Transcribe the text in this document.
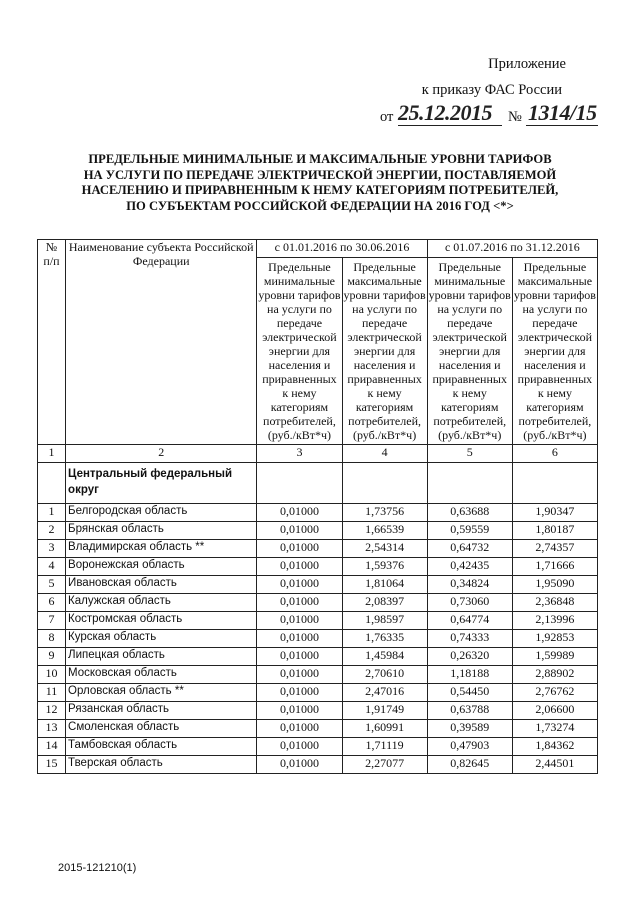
Приложение
к приказу ФАС России
от 25.12.2015 № 1314/15
ПРЕДЕЛЬНЫЕ МИНИМАЛЬНЫЕ И МАКСИМАЛЬНЫЕ УРОВНИ ТАРИФОВ
НА УСЛУГИ ПО ПЕРЕДАЧЕ ЭЛЕКТРИЧЕСКОЙ ЭНЕРГИИ, ПОСТАВЛЯЕМОЙ
НАСЕЛЕНИЮ И ПРИРАВНЕННЫМ К НЕМУ КАТЕГОРИЯМ ПОТРЕБИТЕЛЕЙ,
ПО СУБЪЕКТАМ РОССИЙСКОЙ ФЕДЕРАЦИИ НА 2016 ГОД <*>
№ п/п	Наименование субъекта Российской Федерации	с 01.01.2016 по 30.06.2016		с 01.07.2016 по 31.12.2016	
		Предельные минимальные уровни тарифов на услуги по передаче электрической энергии для населения и приравненных к нему категориям потребителей, (руб./кВт*ч)	Предельные максимальные уровни тарифов на услуги по передаче электрической энергии для населения и приравненных к нему категориям потребителей, (руб./кВт*ч)	Предельные минимальные уровни тарифов на услуги по передаче электрической энергии для населения и приравненных к нему категориям потребителей, (руб./кВт*ч)	Предельные максимальные уровни тарифов на услуги по передаче электрической энергии для населения и приравненных к нему категориям потребителей, (руб./кВт*ч)
1	2	3	4	5	6
	Центральный федеральный округ				
1	Белгородская область	0,01000	1,73756	0,63688	1,90347
2	Брянская область	0,01000	1,66539	0,59559	1,80187
3	Владимирская область **	0,01000	2,54314	0,64732	2,74357
4	Воронежская область	0,01000	1,59376	0,42435	1,71666
5	Ивановская область	0,01000	1,81064	0,34824	1,95090
6	Калужская область	0,01000	2,08397	0,73060	2,36848
7	Костромская область	0,01000	1,98597	0,64774	2,13996
8	Курская область	0,01000	1,76335	0,74333	1,92853
9	Липецкая область	0,01000	1,45984	0,26320	1,59989
10	Московская область	0,01000	2,70610	1,18188	2,88902
11	Орловская область **	0,01000	2,47016	0,54450	2,76762
12	Рязанская область	0,01000	1,91749	0,63788	2,06600
13	Смоленская область	0,01000	1,60991	0,39589	1,73274
14	Тамбовская область	0,01000	1,71119	0,47903	1,84362
15	Тверская область	0,01000	2,27077	0,82645	2,44501
2015-121210(1)
